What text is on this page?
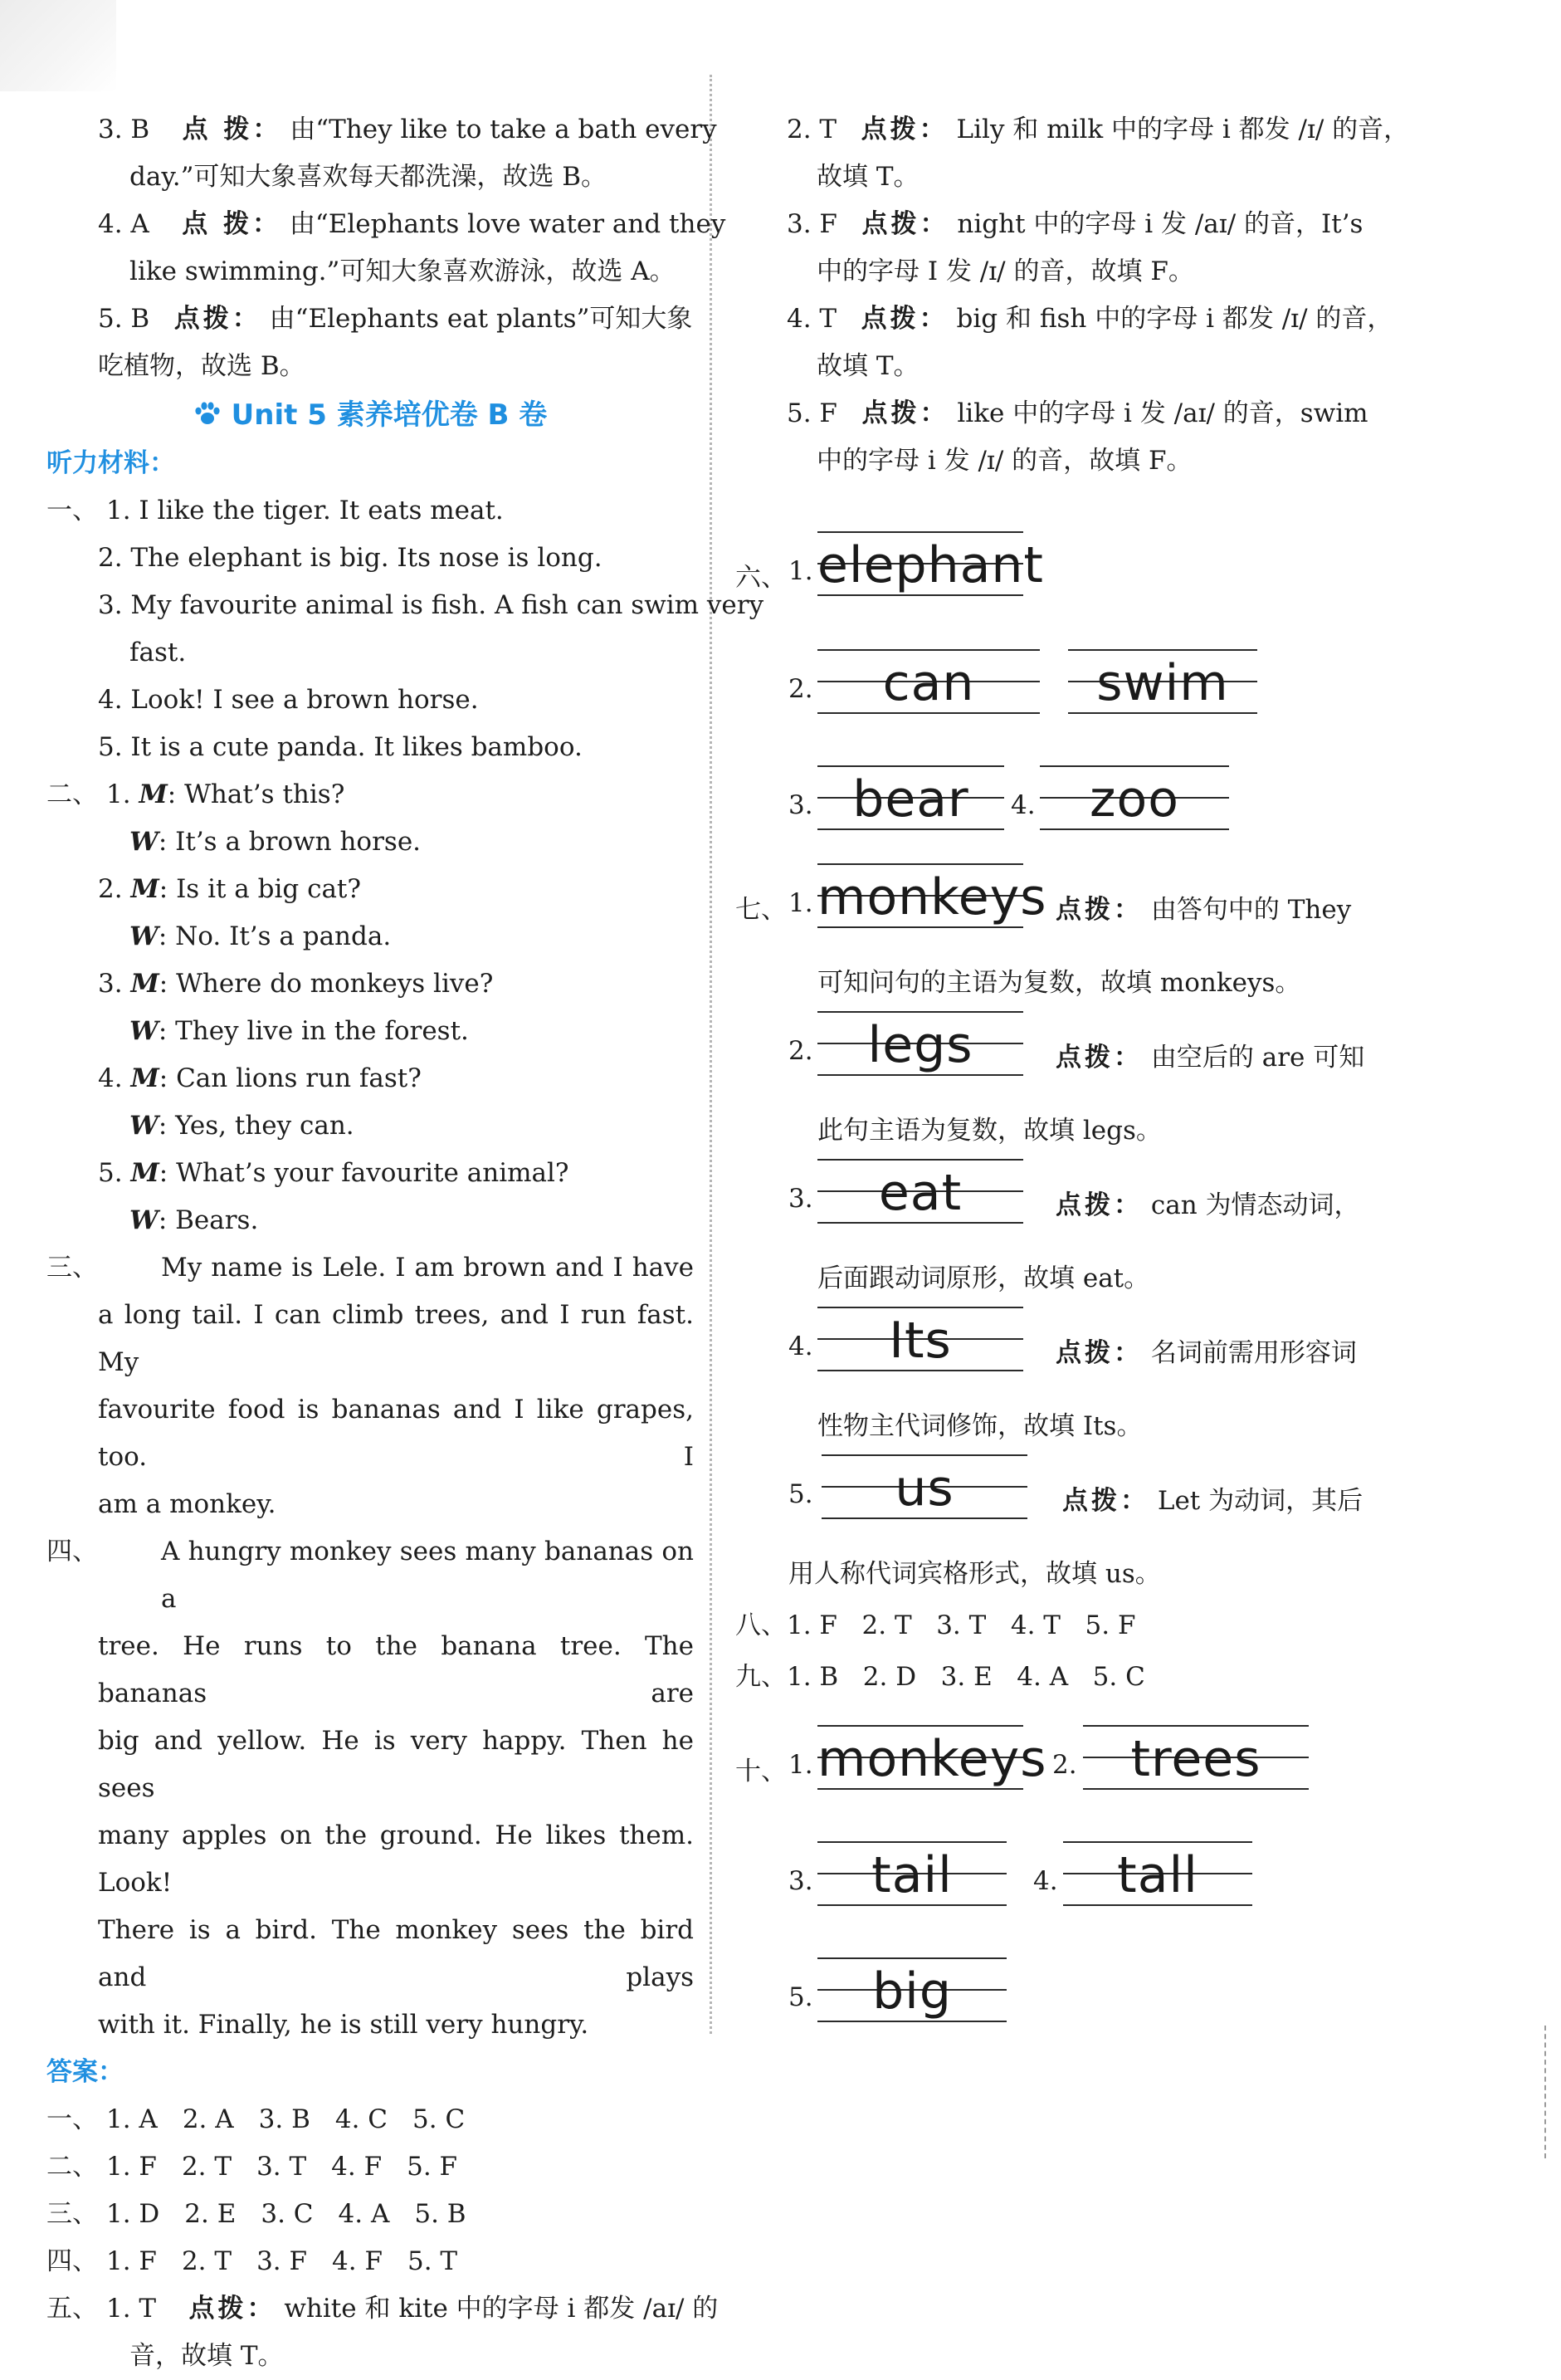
3. B 点 拨： 由“They like to take a bath every
day.”可知大象喜欢每天都洗澡，故选 B。
4. A 点 拨： 由“Elephants love water and they
like swimming.”可知大象喜欢游泳，故选 A。
5. B 点拨： 由“Elephants eat plants”可知大象
吃植物，故选 B。
Unit 5 素养培优卷 B 卷
听力材料：
一、 1. I like the tiger. It eats meat.
2. The elephant is big. Its nose is long.
3. My favourite animal is fish. A fish can swim very
fast.
4. Look! I see a brown horse.
5. It is a cute panda. It likes bamboo.
二、 1. M: What’s this?
W: It’s a brown horse.
2. M: Is it a big cat?
W: No. It’s a panda.
3. M: Where do monkeys live?
W: They live in the forest.
4. M: Can lions run fast?
W: Yes, they can.
5. M: What’s your favourite animal?
W: Bears.
三、	My name is Lele. I am brown and I have
a long tail. I can climb trees, and I run fast. My
favourite food is bananas and I like grapes, too. I
am a monkey.
四、	A hungry monkey sees many bananas on a
tree. He runs to the banana tree. The bananas are
big and yellow. He is very happy. Then he sees
many apples on the ground. He likes them. Look!
There is a bird. The monkey sees the bird and plays
with it. Finally, he is still very hungry.
答案：
一、 1. A 2. A 3. B 4. C 5. C
二、 1. F 2. T 3. T 4. F 5. F
三、 1. D 2. E 3. C 4. A 5. B
四、 1. F 2. T 3. F 4. F 5. T
五、 1. T 点拨： white 和 kite 中的字母 i 都发 /aɪ/ 的
音，故填 T。
2. T 点拨： Lily 和 milk 中的字母 i 都发 /ɪ/ 的音，
故填 T。
3. F 点拨： night 中的字母 i 发 /aɪ/ 的音，It’s
中的字母 I 发 /ɪ/ 的音，故填 F。
4. T 点拨： big 和 fish 中的字母 i 都发 /ɪ/ 的音，
故填 T。
5. F 点拨： like 中的字母 i 发 /aɪ/ 的音，swim
中的字母 i 发 /ɪ/ 的音，故填 F。
六、 1. elephant
2.	can	swim
3. bear	4.	zoo
七、 1. monkeys 点拨： 由答句中的 They
可知问句的主语为复数，故填 monkeys。
2.	legs	点拨： 由空后的 are 可知
此句主语为复数，故填 legs。
3.	eat	点拨： can 为情态动词，
后面跟动词原形，故填 eat。
4.	Its	点拨： 名词前需用形容词
性物主代词修饰，故填 Its。
5.	us	点拨： Let 为动词，其后
用人称代词宾格形式，故填 us。
八、1. F 2. T 3. T 4. T 5. F
九、1. B 2. D 3. E 4. A 5. C
十、 1. monkeys 2.	trees
3.	tail	4.	tall
5.	big
